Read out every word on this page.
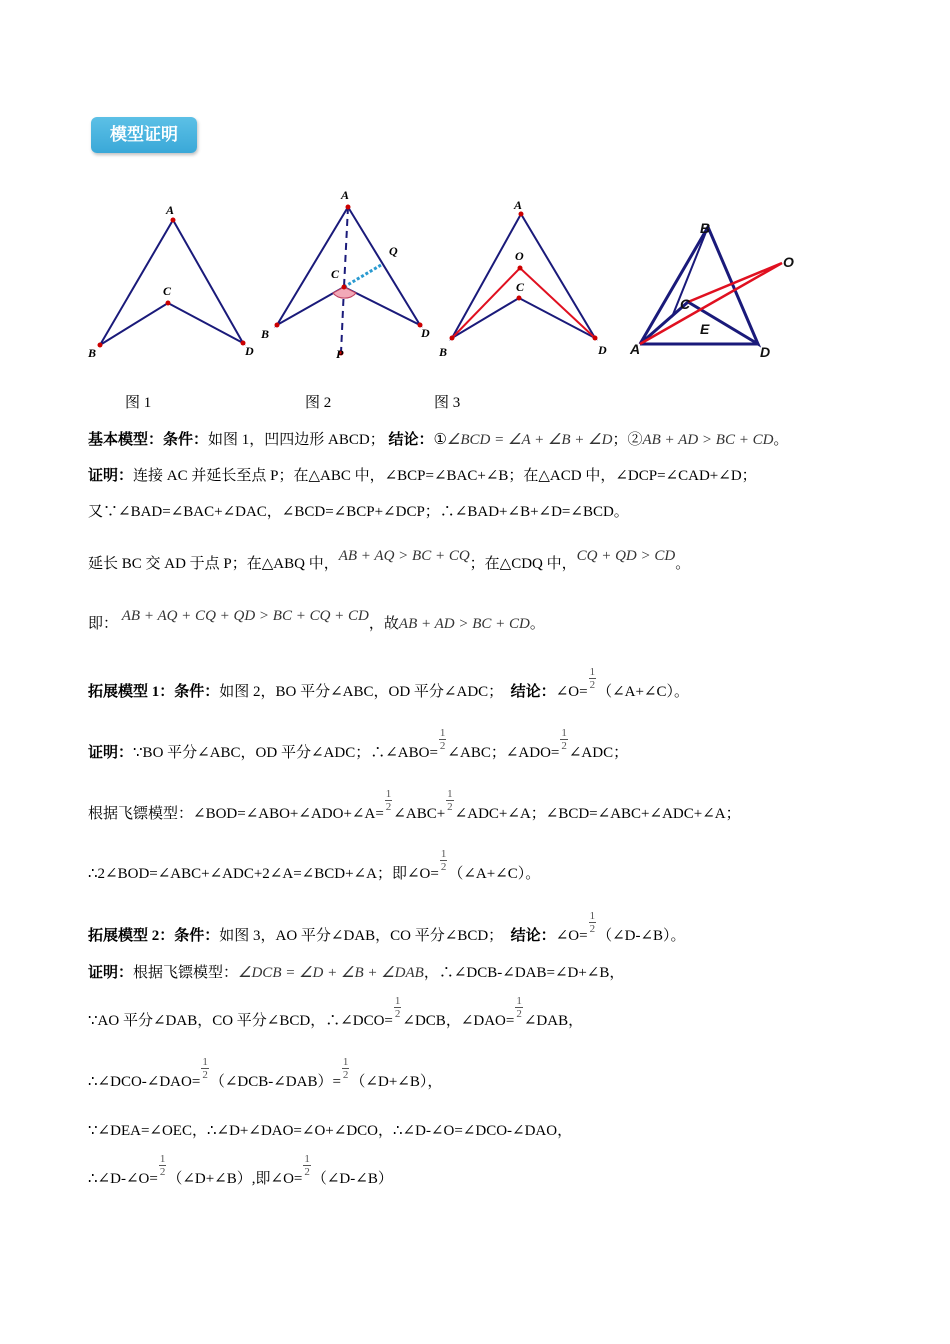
模型证明
A
B
C
D
A
B
C
D
P
Q
A
B
C
D
O
B
A
C
D
E
O
图 1	图 2	图 3
基本模型：条件：如图 1，凹四边形 ABCD； 结论：①∠BCD = ∠A + ∠B + ∠D；②AB + AD > BC + CD。
证明：连接 AC 并延长至点 P；在△ABC 中，∠BCP=∠BAC+∠B；在△ACD 中，∠DCP=∠CAD+∠D；
又∵∠BAD=∠BAC+∠DAC，∠BCD=∠BCP+∠DCP；∴∠BAD+∠B+∠D=∠BCD。
延长 BC 交 AD 于点 P；在△ABQ 中，AB + AQ > BC + CQ；在△CDQ 中，CQ + QD > CD。
即： AB + AQ + CQ + QD > BC + CQ + CD，故AB + AD > BC + CD。
拓展模型 1：条件：如图 2，BO 平分∠ABC，OD 平分∠ADC； 结论：∠O=
$\frac{1}{2}$
（∠A+∠C）。
证明：∵BO 平分∠ABC，OD 平分∠ADC；∴∠ABO=
$\frac{1}{2}$
∠ABC；∠ADO=
$\frac{1}{2}$
∠ADC；
根据飞镖模型：∠BOD=∠ABO+∠ADO+∠A=
$\frac{1}{2}$
∠ABC+
$\frac{1}{2}$
∠ADC+∠A；∠BCD=∠ABC+∠ADC+∠A；
∴2∠BOD=∠ABC+∠ADC+2∠A=∠BCD+∠A；即∠O=
$\frac{1}{2}$
（∠A+∠C）。
拓展模型 2：条件：如图 3，AO 平分∠DAB，CO 平分∠BCD； 结论：∠O=
$\frac{1}{2}$
（∠D-∠B）。
证明：根据飞镖模型：∠DCB = ∠D + ∠B + ∠DAB，∴∠DCB-∠DAB=∠D+∠B，
∵AO 平分∠DAB，CO 平分∠BCD，∴∠DCO=
$\frac{1}{2}$
∠DCB，∠DAO=
$\frac{1}{2}$
∠DAB，
∴∠DCO-∠DAO=
$\frac{1}{2}$
（∠DCB-∠DAB）=
$\frac{1}{2}$
（∠D+∠B），
∵∠DEA=∠OEC，∴∠D+∠DAO=∠O+∠DCO，∴∠D-∠O=∠DCO-∠DAO，
∴∠D-∠O=
$\frac{1}{2}$
（∠D+∠B）,即∠O=
$\frac{1}{2}$
（∠D-∠B）
